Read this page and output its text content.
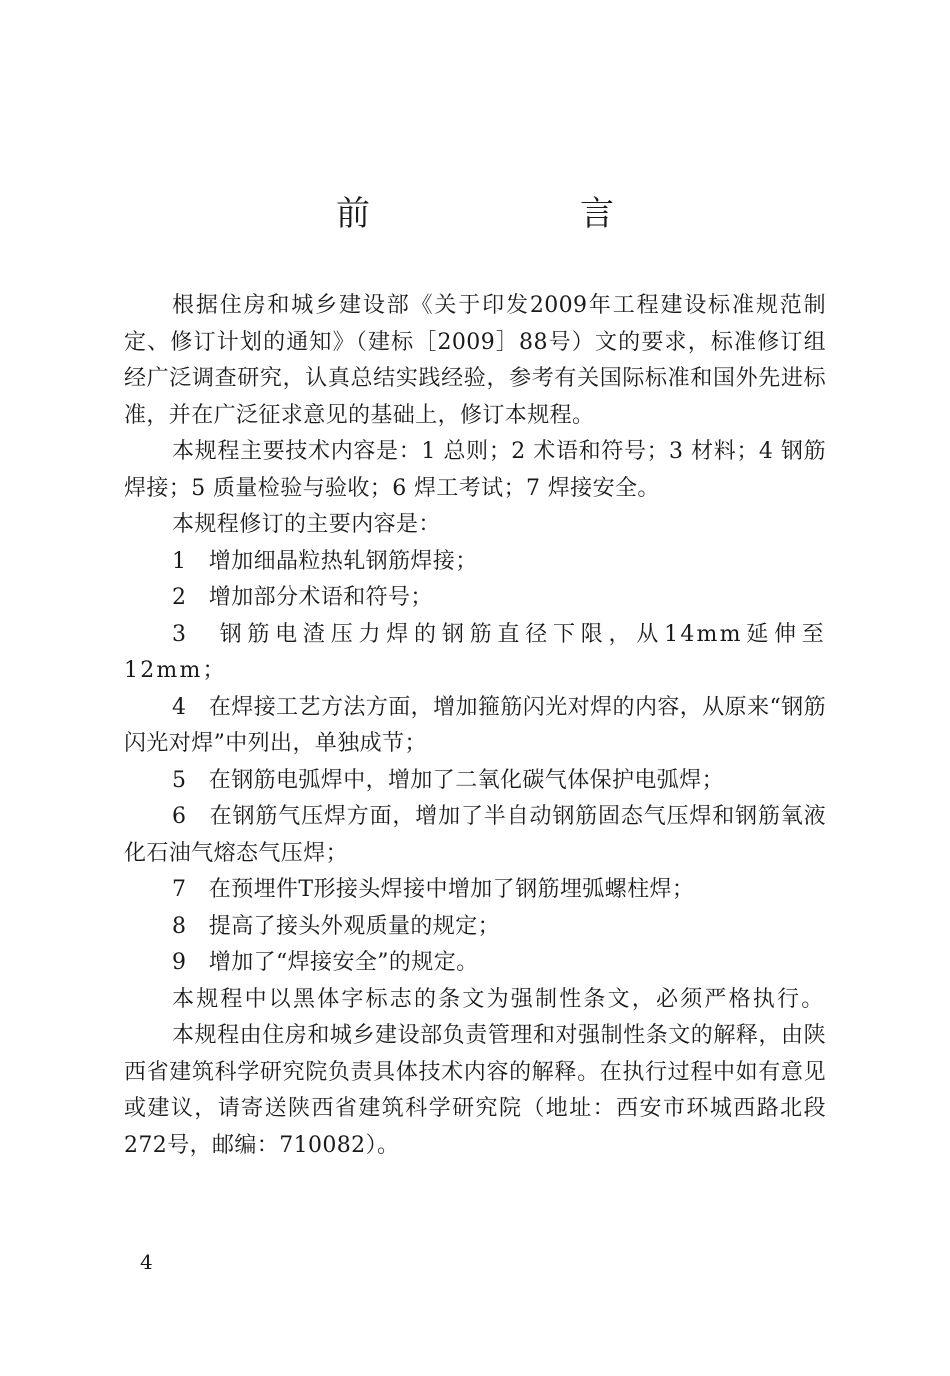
前　言

根据住房和城乡建设部《关于印发2009年工程建设标准规范制定、修订计划的通知》（建标［2009］88号）文的要求，标准修订组经广泛调查研究，认真总结实践经验，参考有关国际标准和国外先进标准，并在广泛征求意见的基础上，修订本规程。

本规程主要技术内容是：1 总则；2 术语和符号；3 材料；4 钢筋焊接；5 质量检验与验收；6 焊工考试；7 焊接安全。

本规程修订的主要内容是：

1　增加细晶粒热轧钢筋焊接；

2　增加部分术语和符号；

3　钢筋电渣压力焊的钢筋直径下限，从14mm延伸至12mm；

4　在焊接工艺方法方面，增加箍筋闪光对焊的内容，从原来“钢筋闪光对焊”中列出，单独成节；

5　在钢筋电弧焊中，增加了二氧化碳气体保护电弧焊；

6　在钢筋气压焊方面，增加了半自动钢筋固态气压焊和钢筋氧液化石油气熔态气压焊；

7　在预埋件T形接头焊接中增加了钢筋埋弧螺柱焊；

8　提高了接头外观质量的规定；

9　增加了“焊接安全”的规定。

本规程中以黑体字标志的条文为强制性条文，必须严格执行。

本规程由住房和城乡建设部负责管理和对强制性条文的解释，由陕西省建筑科学研究院负责具体技术内容的解释。在执行过程中如有意见或建议，请寄送陕西省建筑科学研究院（地址：西安市环城西路北段272号，邮编：710082）。

4
